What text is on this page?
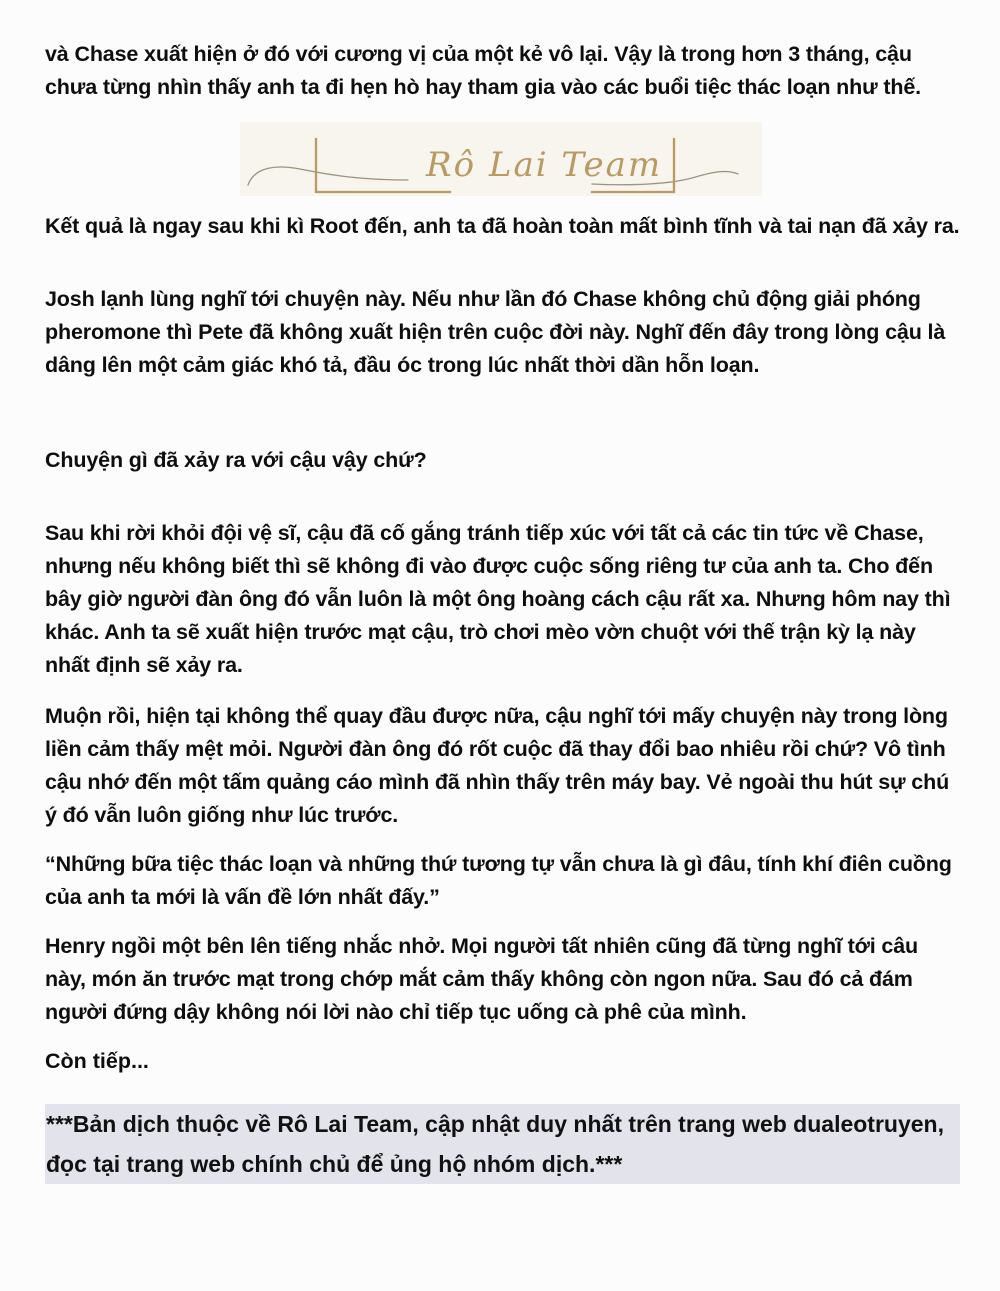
và Chase xuất hiện ở đó với cương vị của một kẻ vô lại. Vậy là trong hơn 3 tháng, cậu chưa từng nhìn thấy anh ta đi hẹn hò hay tham gia vào các buổi tiệc thác loạn như thế.

Rô Lai Team

Kết quả là ngay sau khi kì Root đến, anh ta đã hoàn toàn mất bình tĩnh và tai nạn đã xảy ra.

Josh lạnh lùng nghĩ tới chuyện này. Nếu như lần đó Chase không chủ động giải phóng pheromone thì Pete đã không xuất hiện trên cuộc đời này. Nghĩ đến đây trong lòng cậu là dâng lên một cảm giác khó tả, đầu óc trong lúc nhất thời dần hỗn loạn.

Chuyện gì đã xảy ra với cậu vậy chứ?

Sau khi rời khỏi đội vệ sĩ, cậu đã cố gắng tránh tiếp xúc với tất cả các tin tức về Chase, nhưng nếu không biết thì sẽ không đi vào được cuộc sống riêng tư của anh ta. Cho đến bây giờ người đàn ông đó vẫn luôn là một ông hoàng cách cậu rất xa. Nhưng hôm nay thì khác. Anh ta sẽ xuất hiện trước mạt cậu, trò chơi mèo vờn chuột với thế trận kỳ lạ này nhất định sẽ xảy ra.

Muộn rồi, hiện tại không thể quay đầu được nữa, cậu nghĩ tới mấy chuyện này trong lòng liền cảm thấy mệt mỏi. Người đàn ông đó rốt cuộc đã thay đổi bao nhiêu rồi chứ? Vô tình cậu nhớ đến một tấm quảng cáo mình đã nhìn thấy trên máy bay. Vẻ ngoài thu hút sự chú ý đó vẫn luôn giống như lúc trước.

“Những bữa tiệc thác loạn và những thứ tương tự vẫn chưa là gì đâu, tính khí điên cuồng của anh ta mới là vấn đề lớn nhất đấy.”

Henry ngồi một bên lên tiếng nhắc nhở. Mọi người tất nhiên cũng đã từng nghĩ tới câu này, món ăn trước mạt trong chớp mắt cảm thấy không còn ngon nữa. Sau đó cả đám người đứng dậy không nói lời nào chỉ tiếp tục uống cà phê của mình.

Còn tiếp...

***Bản dịch thuộc về Rô Lai Team, cập nhật duy nhất trên trang web dualeotruyen,
đọc tại trang web chính chủ để ủng hộ nhóm dịch.***
